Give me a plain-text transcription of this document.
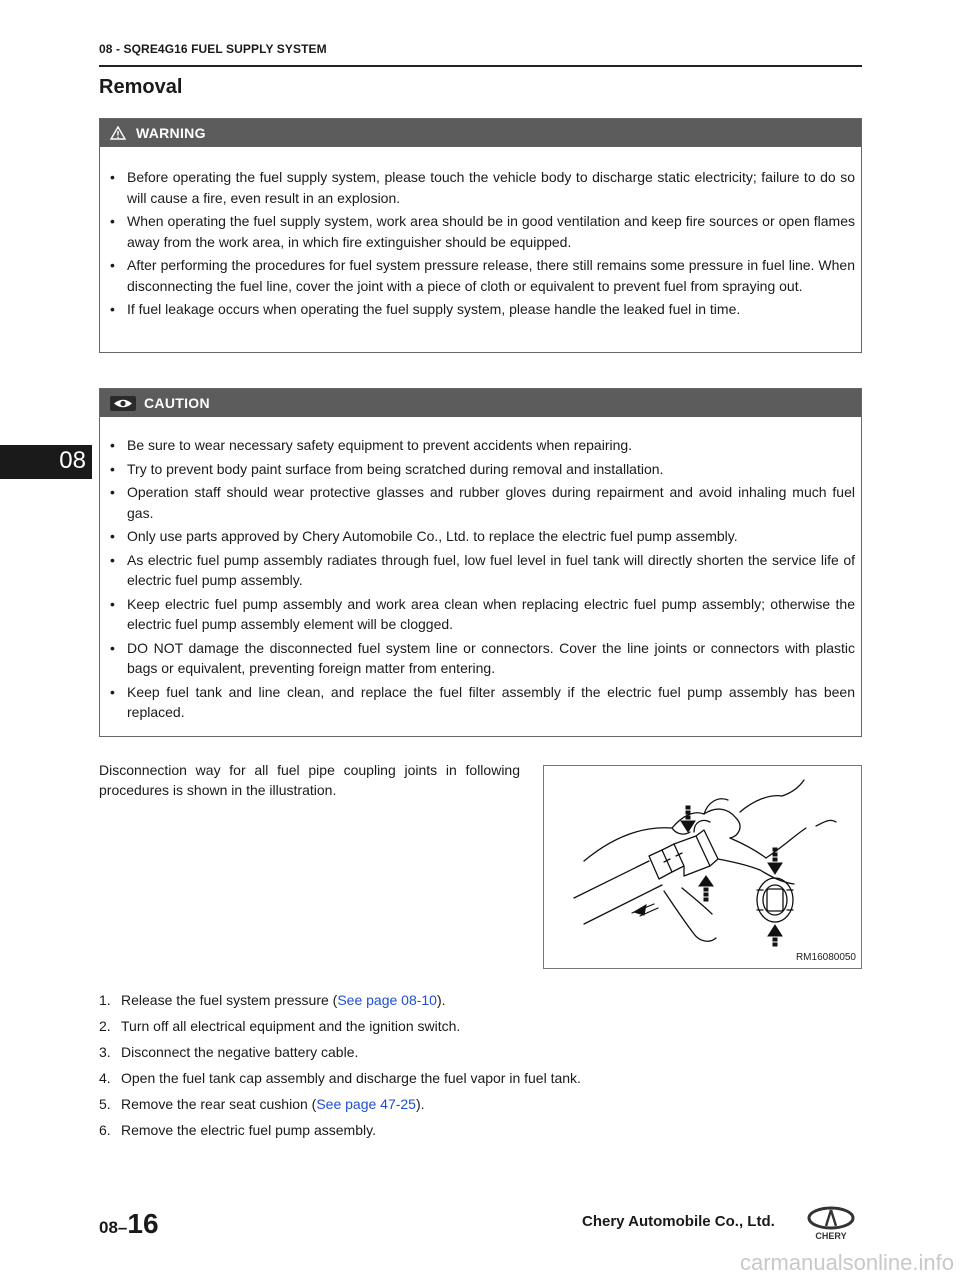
08 - SQRE4G16 FUEL SUPPLY SYSTEM
Removal
08
WARNING
• Before operating the fuel supply system, please touch the vehicle body to discharge static electricity; failure to do so will cause a fire, even result in an explosion.
• When operating the fuel supply system, work area should be in good ventilation and keep fire sources or open flames away from the work area, in which fire extinguisher should be equipped.
• After performing the procedures for fuel system pressure release, there still remains some pressure in fuel line. When disconnecting the fuel line, cover the joint with a piece of cloth or equivalent to prevent fuel from spraying out.
• If fuel leakage occurs when operating the fuel supply system, please handle the leaked fuel in time.
CAUTION
• Be sure to wear necessary safety equipment to prevent accidents when repairing.
• Try to prevent body paint surface from being scratched during removal and installation.
• Operation staff should wear protective glasses and rubber gloves during repairment and avoid inhaling much fuel gas.
• Only use parts approved by Chery Automobile Co., Ltd. to replace the electric fuel pump assembly.
• As electric fuel pump assembly radiates through fuel, low fuel level in fuel tank will directly shorten the service life of electric fuel pump assembly.
• Keep electric fuel pump assembly and work area clean when replacing electric fuel pump assembly; otherwise the electric fuel pump assembly element will be clogged.
• DO NOT damage the disconnected fuel system line or connectors. Cover the line joints or connectors with plastic bags or equivalent, preventing foreign matter from entering.
• Keep fuel tank and line clean, and replace the fuel filter assembly if the electric fuel pump assembly has been replaced.
Disconnection way for all fuel pipe coupling joints in following procedures is shown in the illustration.
RM16080050
1. Release the fuel system pressure (See page 08-10).
2. Turn off all electrical equipment and the ignition switch.
3. Disconnect the negative battery cable.
4. Open the fuel tank cap assembly and discharge the fuel vapor in fuel tank.
5. Remove the rear seat cushion (See page 47-25).
6. Remove the electric fuel pump assembly.
08–16	Chery Automobile Co., Ltd.
CHERY
carmanualsonline.info
